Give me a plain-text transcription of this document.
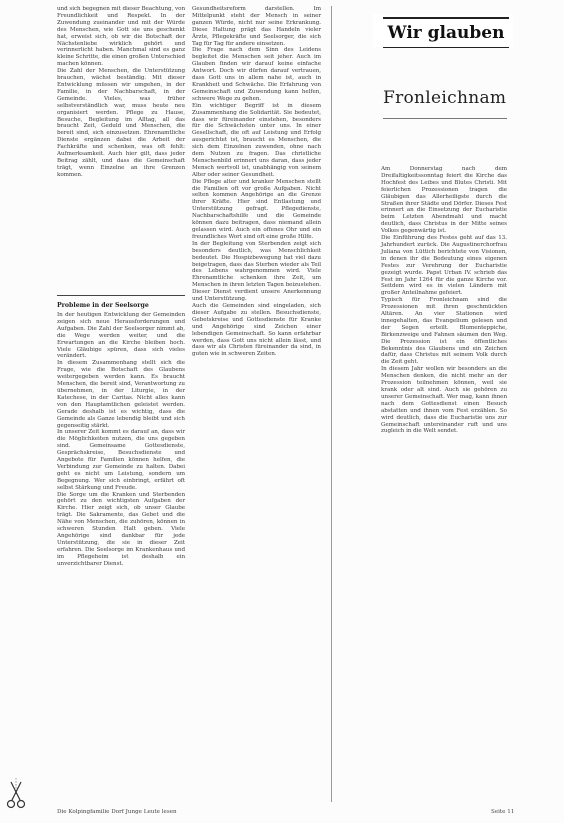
und sich begegnen mit dieser Beachtung, von Freundlichkeit und Respekt. In der Zuwendung zueinander und mit der Würde des Menschen, wie Gott sie uns geschenkt hat, erweist sich, ob wir die Botschaft der Nächstenliebe wirklich gehört und verinnerlicht haben. Manchmal sind es ganz kleine Schritte, die einen großen Unterschied machen können.

Die Zahl der Menschen, die Unterstützung brauchen, wächst beständig. Mit dieser Entwicklung müssen wir umgehen, in der Familie, in der Nachbarschaft, in der Gemeinde. Vieles, was früher selbstverständlich war, muss heute neu organisiert werden. Pflege zu Hause, Besuche, Begleitung im Alltag, all das braucht Zeit, Geduld und Menschen, die bereit sind, sich einzusetzen. Ehrenamtliche Dienste ergänzen dabei die Arbeit der Fachkräfte und schenken, was oft fehlt: Aufmerksamkeit. Auch hier gilt, dass jeder Beitrag zählt, und dass die Gemeinschaft trägt, wenn Einzelne an ihre Grenzen kommen.

Probleme in der Seelsorge

In der heutigen Entwicklung der Gemeinden zeigen sich neue Herausforderungen und Aufgaben. Die Zahl der Seelsorger nimmt ab, die Wege werden weiter, und die Erwartungen an die Kirche bleiben hoch. Viele Gläubige spüren, dass sich vieles verändert.

In diesem Zusammenhang stellt sich die Frage, wie die Botschaft des Glaubens weitergegeben werden kann. Es braucht Menschen, die bereit sind, Verantwortung zu übernehmen, in der Liturgie, in der Katechese, in der Caritas. Nicht alles kann von den Hauptamtlichen geleistet werden. Gerade deshalb ist es wichtig, dass die Gemeinde als Ganze lebendig bleibt und sich gegenseitig stärkt.

In unserer Zeit kommt es darauf an, dass wir die Möglichkeiten nutzen, die uns gegeben sind. Gemeinsame Gottesdienste, Gesprächskreise, Besuchsdienste und Angebote für Familien können helfen, die Verbindung zur Gemeinde zu halten. Dabei geht es nicht um Leistung, sondern um Begegnung. Wer sich einbringt, erfährt oft selbst Stärkung und Freude.

Die Sorge um die Kranken und Sterbenden gehört zu den wichtigsten Aufgaben der Kirche. Hier zeigt sich, ob unser Glaube trägt. Die Sakramente, das Gebet und die Nähe von Menschen, die zuhören, können in schweren Stunden Halt geben. Viele Angehörige sind dankbar für jede Unterstützung, die sie in dieser Zeit erfahren. Die Seelsorge im Krankenhaus und im Pflegeheim ist deshalb ein unverzichtbarer Dienst.

Gesundheitsreform darstellen. Im Mittelpunkt steht der Mensch in seiner ganzen Würde, nicht nur seine Erkrankung. Diese Haltung prägt das Handeln vieler Ärzte, Pflegekräfte und Seelsorger, die sich Tag für Tag für andere einsetzen.

Die Frage nach dem Sinn des Leidens begleitet die Menschen seit jeher. Auch im Glauben finden wir darauf keine einfache Antwort. Doch wir dürfen darauf vertrauen, dass Gott uns in allem nahe ist, auch in Krankheit und Schwäche. Die Erfahrung von Gemeinschaft und Zuwendung kann helfen, schwere Wege zu gehen.

Ein wichtiger Begriff ist in diesem Zusammenhang die Solidarität. Sie bedeutet, dass wir füreinander einstehen, besonders für die Schwächsten unter uns. In einer Gesellschaft, die oft auf Leistung und Erfolg ausgerichtet ist, braucht es Menschen, die sich dem Einzelnen zuwenden, ohne nach dem Nutzen zu fragen. Das christliche Menschenbild erinnert uns daran, dass jeder Mensch wertvoll ist, unabhängig von seinem Alter oder seiner Gesundheit.

Die Pflege alter und kranker Menschen stellt die Familien oft vor große Aufgaben. Nicht selten kommen Angehörige an die Grenze ihrer Kräfte. Hier sind Entlastung und Unterstützung gefragt. Pflegedienste, Nachbarschaftshilfe und die Gemeinde können dazu beitragen, dass niemand allein gelassen wird. Auch ein offenes Ohr und ein freundliches Wort sind oft eine große Hilfe.

In der Begleitung von Sterbenden zeigt sich besonders deutlich, was Menschlichkeit bedeutet. Die Hospizbewegung hat viel dazu beigetragen, dass das Sterben wieder als Teil des Lebens wahrgenommen wird. Viele Ehrenamtliche schenken ihre Zeit, um Menschen in ihren letzten Tagen beizustehen. Dieser Dienst verdient unsere Anerkennung und Unterstützung.

Auch die Gemeinden sind eingeladen, sich dieser Aufgabe zu stellen. Besuchsdienste, Gebetskreise und Gottesdienste für Kranke und Angehörige sind Zeichen einer lebendigen Gemeinschaft. So kann erfahrbar werden, dass Gott uns nicht allein lässt, und dass wir als Christen füreinander da sind, in guten wie in schweren Zeiten.

Wir glauben
Fronleichnam

Am Donnerstag nach dem Dreifaltigkeitssonntag feiert die Kirche das Hochfest des Leibes und Blutes Christi. Mit feierlichen Prozessionen tragen die Gläubigen das Allerheiligste durch die Straßen ihrer Städte und Dörfer. Dieses Fest erinnert an die Einsetzung der Eucharistie beim Letzten Abendmahl und macht deutlich, dass Christus in der Mitte seines Volkes gegenwärtig ist.

Die Einführung des Festes geht auf das 13. Jahrhundert zurück. Die Augustinerchorfrau Juliana von Lüttich berichtete von Visionen, in denen ihr die Bedeutung eines eigenen Festes zur Verehrung der Eucharistie gezeigt wurde. Papst Urban IV. schrieb das Fest im Jahr 1264 für die ganze Kirche vor. Seitdem wird es in vielen Ländern mit großer Anteilnahme gefeiert.

Typisch für Fronleichnam sind die Prozessionen mit ihren geschmückten Altären. An vier Stationen wird innegehalten, das Evangelium gelesen und der Segen erteilt. Blumenteppiche, Birkenzweige und Fahnen säumen den Weg. Die Prozession ist ein öffentliches Bekenntnis des Glaubens und ein Zeichen dafür, dass Christus mit seinem Volk durch die Zeit geht.

In diesem Jahr wollen wir besonders an die Menschen denken, die nicht mehr an der Prozession teilnehmen können, weil sie krank oder alt sind. Auch sie gehören zu unserer Gemeinschaft. Wer mag, kann ihnen nach dem Gottesdienst einen Besuch abstatten und ihnen vom Fest erzählen. So wird deutlich, dass die Eucharistie uns zur Gemeinschaft untereinander ruft und uns zugleich in die Welt sendet.

Die Kolpingfamilie Dorf Junge Leute lesen	Seite 11
